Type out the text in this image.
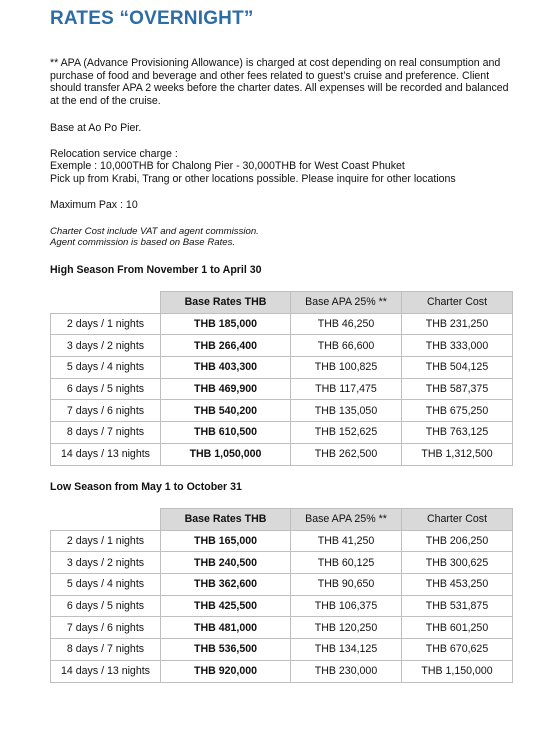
RATES “OVERNIGHT”
** APA (Advance Provisioning Allowance) is charged at cost depending on real consumption and purchase of food and beverage and other fees related to guest’s cruise and preference. Client should transfer APA 2 weeks before the charter dates. All expenses will be recorded and balanced at the end of the cruise.
Base at Ao Po Pier.
Relocation service charge :
Exemple : 10,000THB for Chalong Pier - 30,000THB for West Coast Phuket
Pick up from Krabi, Trang or other locations possible. Please inquire for other locations
Maximum Pax : 10
Charter Cost include VAT and agent commission.
Agent commission is based on Base Rates.
High Season From November 1 to April 30
	Base Rates THB	Base APA 25% **	Charter Cost
2 days / 1 nights	THB 185,000	THB 46,250	THB 231,250
3 days / 2 nights	THB 266,400	THB 66,600	THB 333,000
5 days / 4 nights	THB 403,300	THB 100,825	THB 504,125
6 days / 5 nights	THB 469,900	THB 117,475	THB 587,375
7 days / 6 nights	THB 540,200	THB 135,050	THB 675,250
8 days / 7 nights	THB 610,500	THB 152,625	THB 763,125
14 days / 13 nights	THB 1,050,000	THB 262,500	THB 1,312,500
Low Season from May 1 to October 31
	Base Rates THB	Base APA 25% **	Charter Cost
2 days / 1 nights	THB 165,000	THB 41,250	THB 206,250
3 days / 2 nights	THB 240,500	THB 60,125	THB 300,625
5 days / 4 nights	THB 362,600	THB 90,650	THB 453,250
6 days / 5 nights	THB 425,500	THB 106,375	THB 531,875
7 days / 6 nights	THB 481,000	THB 120,250	THB 601,250
8 days / 7 nights	THB 536,500	THB 134,125	THB 670,625
14 days / 13 nights	THB 920,000	THB 230,000	THB 1,150,000
